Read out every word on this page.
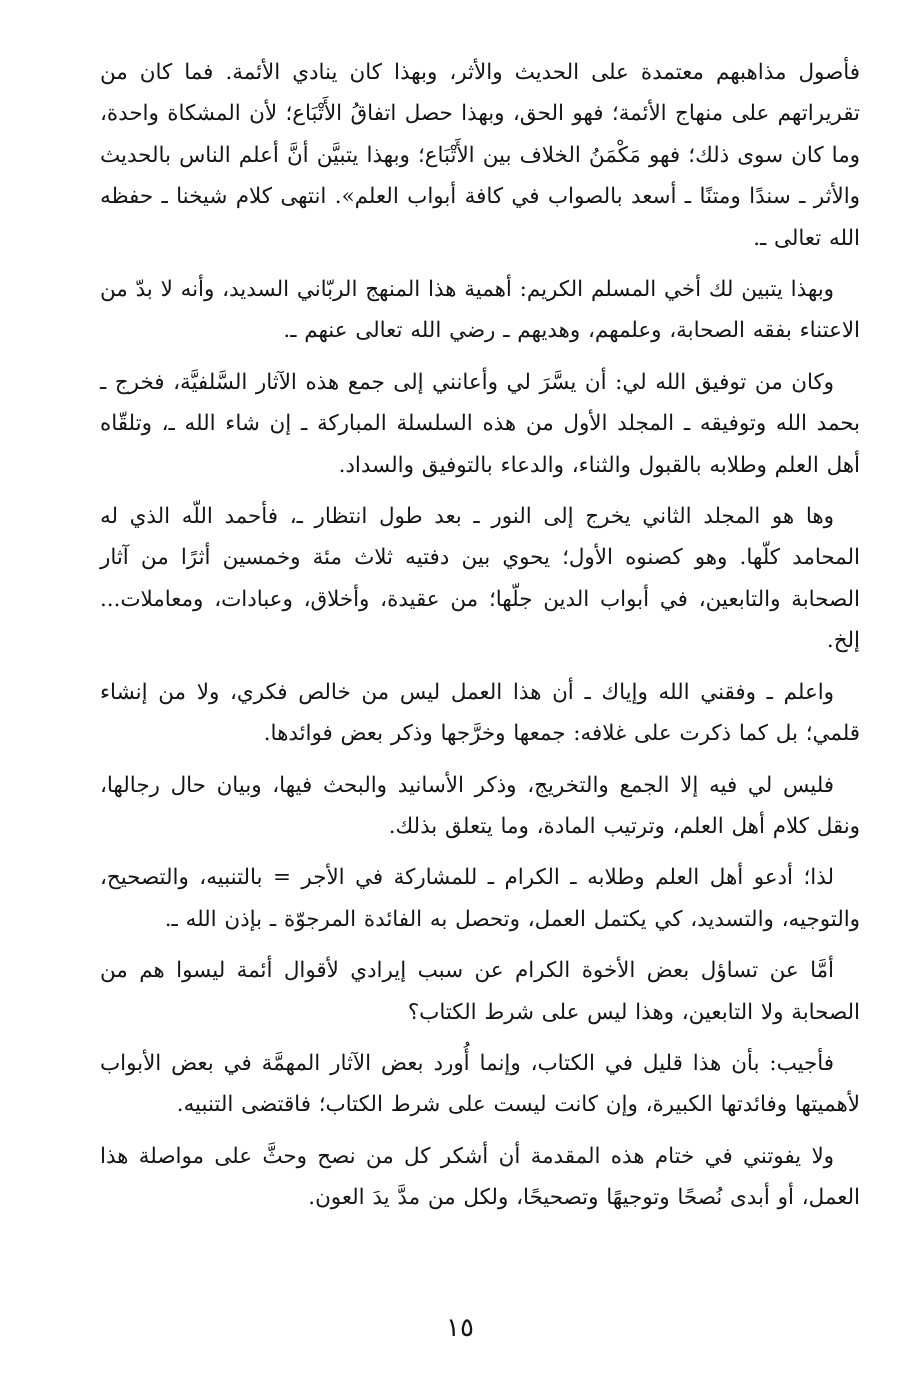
فأصول مذاهبهم معتمدة على الحديث والأثر، وبهذا كان ينادي الأئمة. فما كان من تقريراتهم على منهاج الأئمة؛ فهو الحق، وبهذا حصل اتفاقُ الأَتْبَاع؛ لأن المشكاة واحدة، وما كان سوى ذلك؛ فهو مَكْمَنُ الخلاف بين الأَتْبَاع؛ وبهذا يتبيَّن أنَّ أعلم الناس بالحديث والأثر ـ سندًا ومتنًا ـ أسعد بالصواب في كافة أبواب العلم». انتهى كلام شيخنا ـ حفظه الله تعالى ـ.

وبهذا يتبين لك أخي المسلم الكريم: أهمية هذا المنهج الربّاني السديد، وأنه لا بدّ من الاعتناء بفقه الصحابة، وعلمهم، وهديهم ـ رضي الله تعالى عنهم ـ.

وكان من توفيق الله لي: أن يسَّرَ لي وأعانني إلى جمع هذه الآثار السَّلفيَّة، فخرج ـ بحمد الله وتوفيقه ـ المجلد الأول من هذه السلسلة المباركة ـ إن شاء الله ـ، وتلقّاه أهل العلم وطلابه بالقبول والثناء، والدعاء بالتوفيق والسداد.

وها هو المجلد الثاني يخرج إلى النور ـ بعد طول انتظار ـ، فأحمد اللّه الذي له المحامد كلّها. وهو كصنوه الأول؛ يحوي بين دفتيه ثلاث مئة وخمسين أثرًا من آثار الصحابة والتابعين، في أبواب الدين جلّها؛ من عقيدة، وأخلاق، وعبادات، ومعاملات... إلخ.

واعلم ـ وفقني الله وإياك ـ أن هذا العمل ليس من خالص فكري، ولا من إنشاء قلمي؛ بل كما ذكرت على غلافه: جمعها وخرَّجها وذكر بعض فوائدها.

فليس لي فيه إلا الجمع والتخريج، وذكر الأسانيد والبحث فيها، وبيان حال رجالها، ونقل كلام أهل العلم، وترتيب المادة، وما يتعلق بذلك.

لذا؛ أدعو أهل العلم وطلابه ـ الكرام ـ للمشاركة في الأجر = بالتنبيه، والتصحيح، والتوجيه، والتسديد، كي يكتمل العمل، وتحصل به الفائدة المرجوّة ـ بإذن الله ـ.

أمَّا عن تساؤل بعض الأخوة الكرام عن سبب إيرادي لأقوال أئمة ليسوا هم من الصحابة ولا التابعين، وهذا ليس على شرط الكتاب؟

فأجيب: بأن هذا قليل في الكتاب، وإنما أُورد بعض الآثار المهمَّة في بعض الأبواب لأهميتها وفائدتها الكبيرة، وإن كانت ليست على شرط الكتاب؛ فاقتضى التنبيه.

ولا يفوتني في ختام هذه المقدمة أن أشكر كل من نصح وحثَّ على مواصلة هذا العمل، أو أبدى نُصحًا وتوجيهًا وتصحيحًا، ولكل من مدَّ يدَ العون.

١٥
